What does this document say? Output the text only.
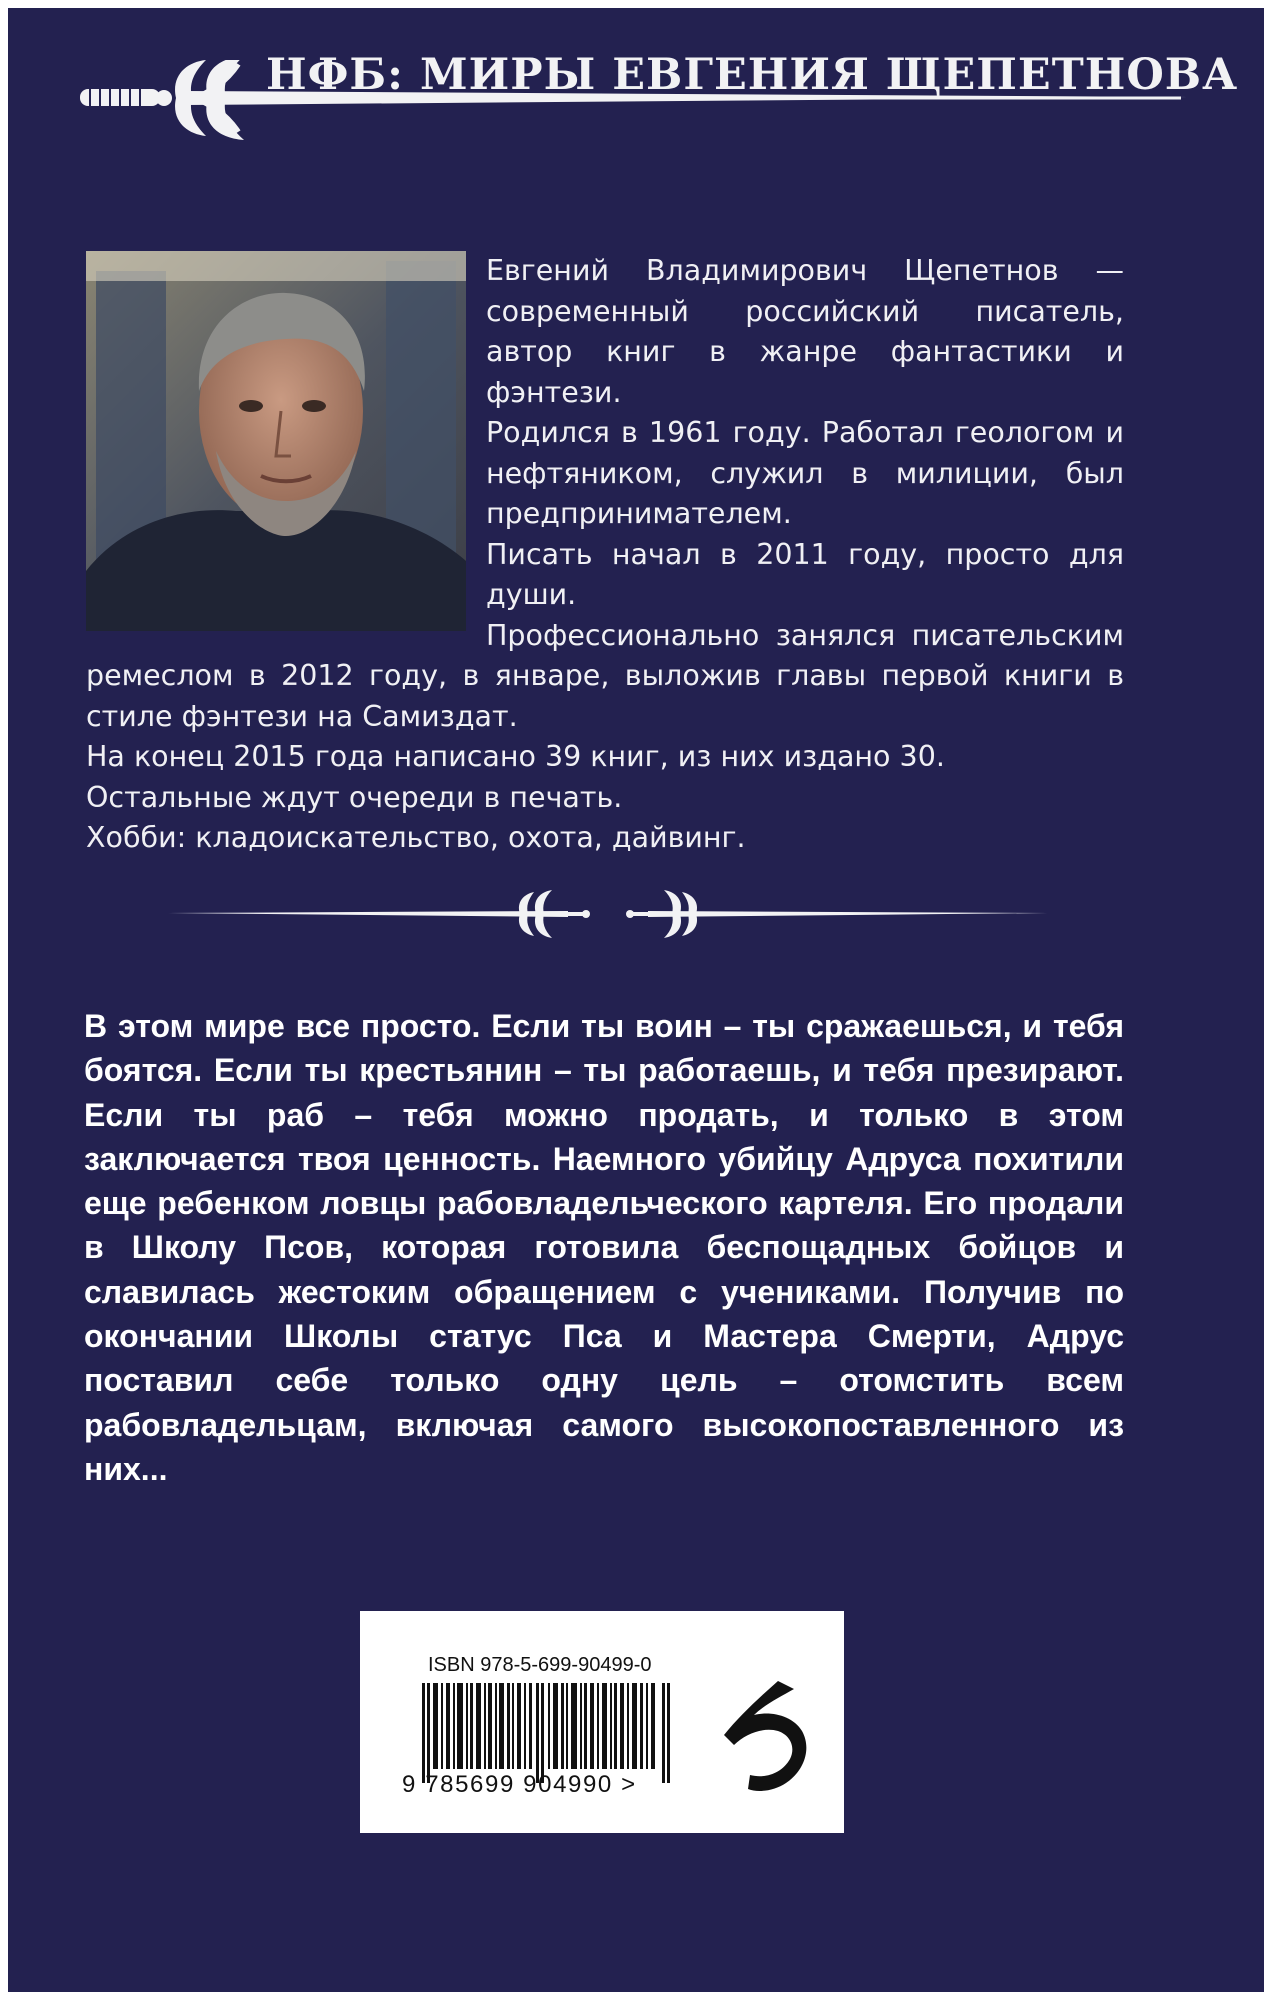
НФБ: МИРЫ ЕВГЕНИЯ ЩЕПЕТНОВА

Евгений Владимирович Щепетнов — современный российский писатель, автор книг в жанре фантастики и фэнтези.

Родился в 1961 году. Работал геологом и нефтяником, служил в милиции, был предпринимателем.

Писать начал в 2011 году, просто для души.

Профессионально занялся писательским ремеслом в 2012 году, в январе, выложив главы первой книги в стиле фэнтези на Самиздат.

На конец 2015 года написано 39 книг, из них издано 30.

Остальные ждут очереди в печать.

Хобби: кладоискательство, охота, дайвинг.

В этом мире все просто. Если ты воин – ты сражаешься, и тебя боятся. Если ты крестьянин – ты работаешь, и тебя презирают. Если ты раб – тебя можно продать, и только в этом заключается твоя ценность. Наемного убийцу Адруса похитили еще ребенком ловцы рабовладельческого картеля. Его продали в Школу Псов, которая готовила беспощадных бойцов и славилась жестоким обращением с учениками. Получив по окончании Школы статус Пса и Мастера Смерти, Адрус поставил себе только одну цель – отомстить всем рабовладельцам, включая самого высокопоставленного из них...

ISBN 978-5-699-90499-0
9 785699 904990 >
